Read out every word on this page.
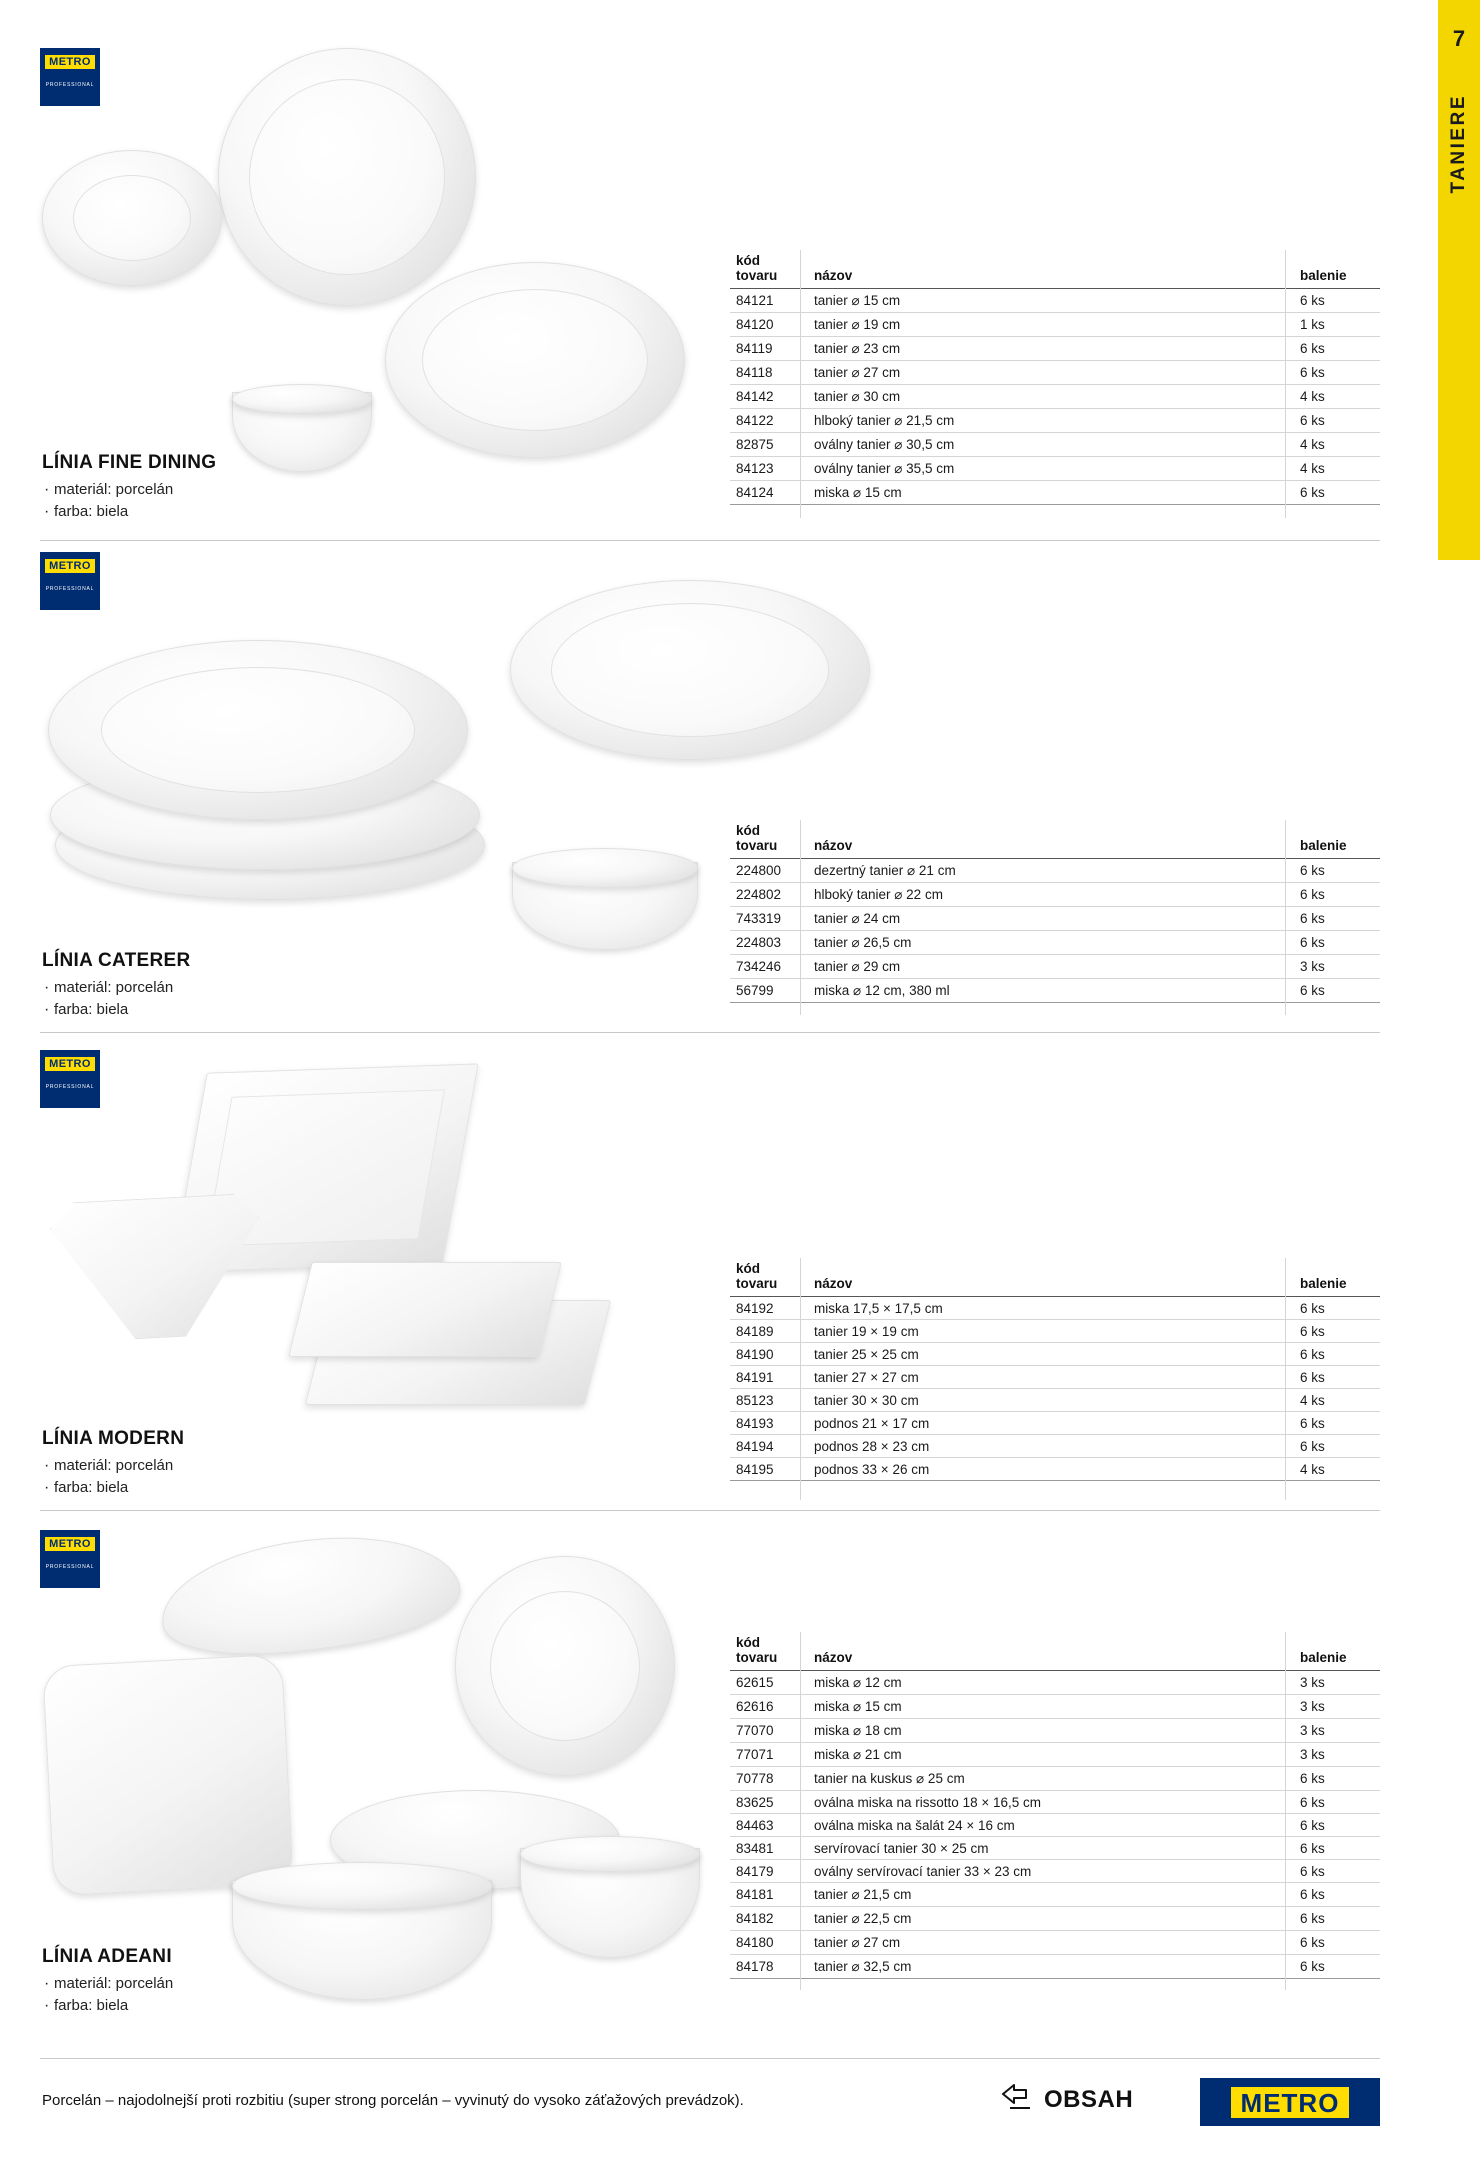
7
TANIERE
METRO
PROFESSIONAL
LÍNIA FINE DINING
· materiál: porcelán
· farba: biela
kód
tovaru	názov	balenie
84121	tanier ⌀ 15 cm	6 ks
84120	tanier ⌀ 19 cm	1 ks
84119	tanier ⌀ 23 cm	6 ks
84118	tanier ⌀ 27 cm	6 ks
84142	tanier ⌀ 30 cm	4 ks
84122	hlboký tanier ⌀ 21,5 cm	6 ks
82875	oválny tanier ⌀ 30,5 cm	4 ks
84123	oválny tanier ⌀ 35,5 cm	4 ks
84124	miska ⌀ 15 cm	6 ks
METRO
PROFESSIONAL
LÍNIA CATERER
· materiál: porcelán
· farba: biela
kód
tovaru	názov	balenie
224800	dezertný tanier ⌀ 21 cm	6 ks
224802	hlboký tanier ⌀ 22 cm	6 ks
743319	tanier ⌀ 24 cm	6 ks
224803	tanier ⌀ 26,5 cm	6 ks
734246	tanier ⌀ 29 cm	3 ks
56799	miska ⌀ 12 cm, 380 ml	6 ks
METRO
PROFESSIONAL
LÍNIA MODERN
· materiál: porcelán
· farba: biela
kód
tovaru	názov	balenie
84192	miska 17,5 × 17,5 cm	6 ks
84189	tanier 19 × 19 cm	6 ks
84190	tanier 25 × 25 cm	6 ks
84191	tanier 27 × 27 cm	6 ks
85123	tanier 30 × 30 cm	4 ks
84193	podnos 21 × 17 cm	6 ks
84194	podnos 28 × 23 cm	6 ks
84195	podnos 33 × 26 cm	4 ks
METRO
PROFESSIONAL
LÍNIA ADEANI
· materiál: porcelán
· farba: biela
kód
tovaru	názov	balenie
62615	miska ⌀ 12 cm	3 ks
62616	miska ⌀ 15 cm	3 ks
77070	miska ⌀ 18 cm	3 ks
77071	miska ⌀ 21 cm	3 ks
70778	tanier na kuskus ⌀ 25 cm	6 ks
83625	oválna miska na rissotto 18 × 16,5 cm	6 ks
84463	oválna miska na šalát 24 × 16 cm	6 ks
83481	servírovací tanier 30 × 25 cm	6 ks
84179	oválny servírovací tanier 33 × 23 cm	6 ks
84181	tanier ⌀ 21,5 cm	6 ks
84182	tanier ⌀ 22,5 cm	6 ks
84180	tanier ⌀ 27 cm	6 ks
84178	tanier ⌀ 32,5 cm	6 ks
Porcelán – najodolnejší proti rozbitiu (super strong porcelán – vyvinutý do vysoko záťažových prevádzok).	OBSAH	METRO
